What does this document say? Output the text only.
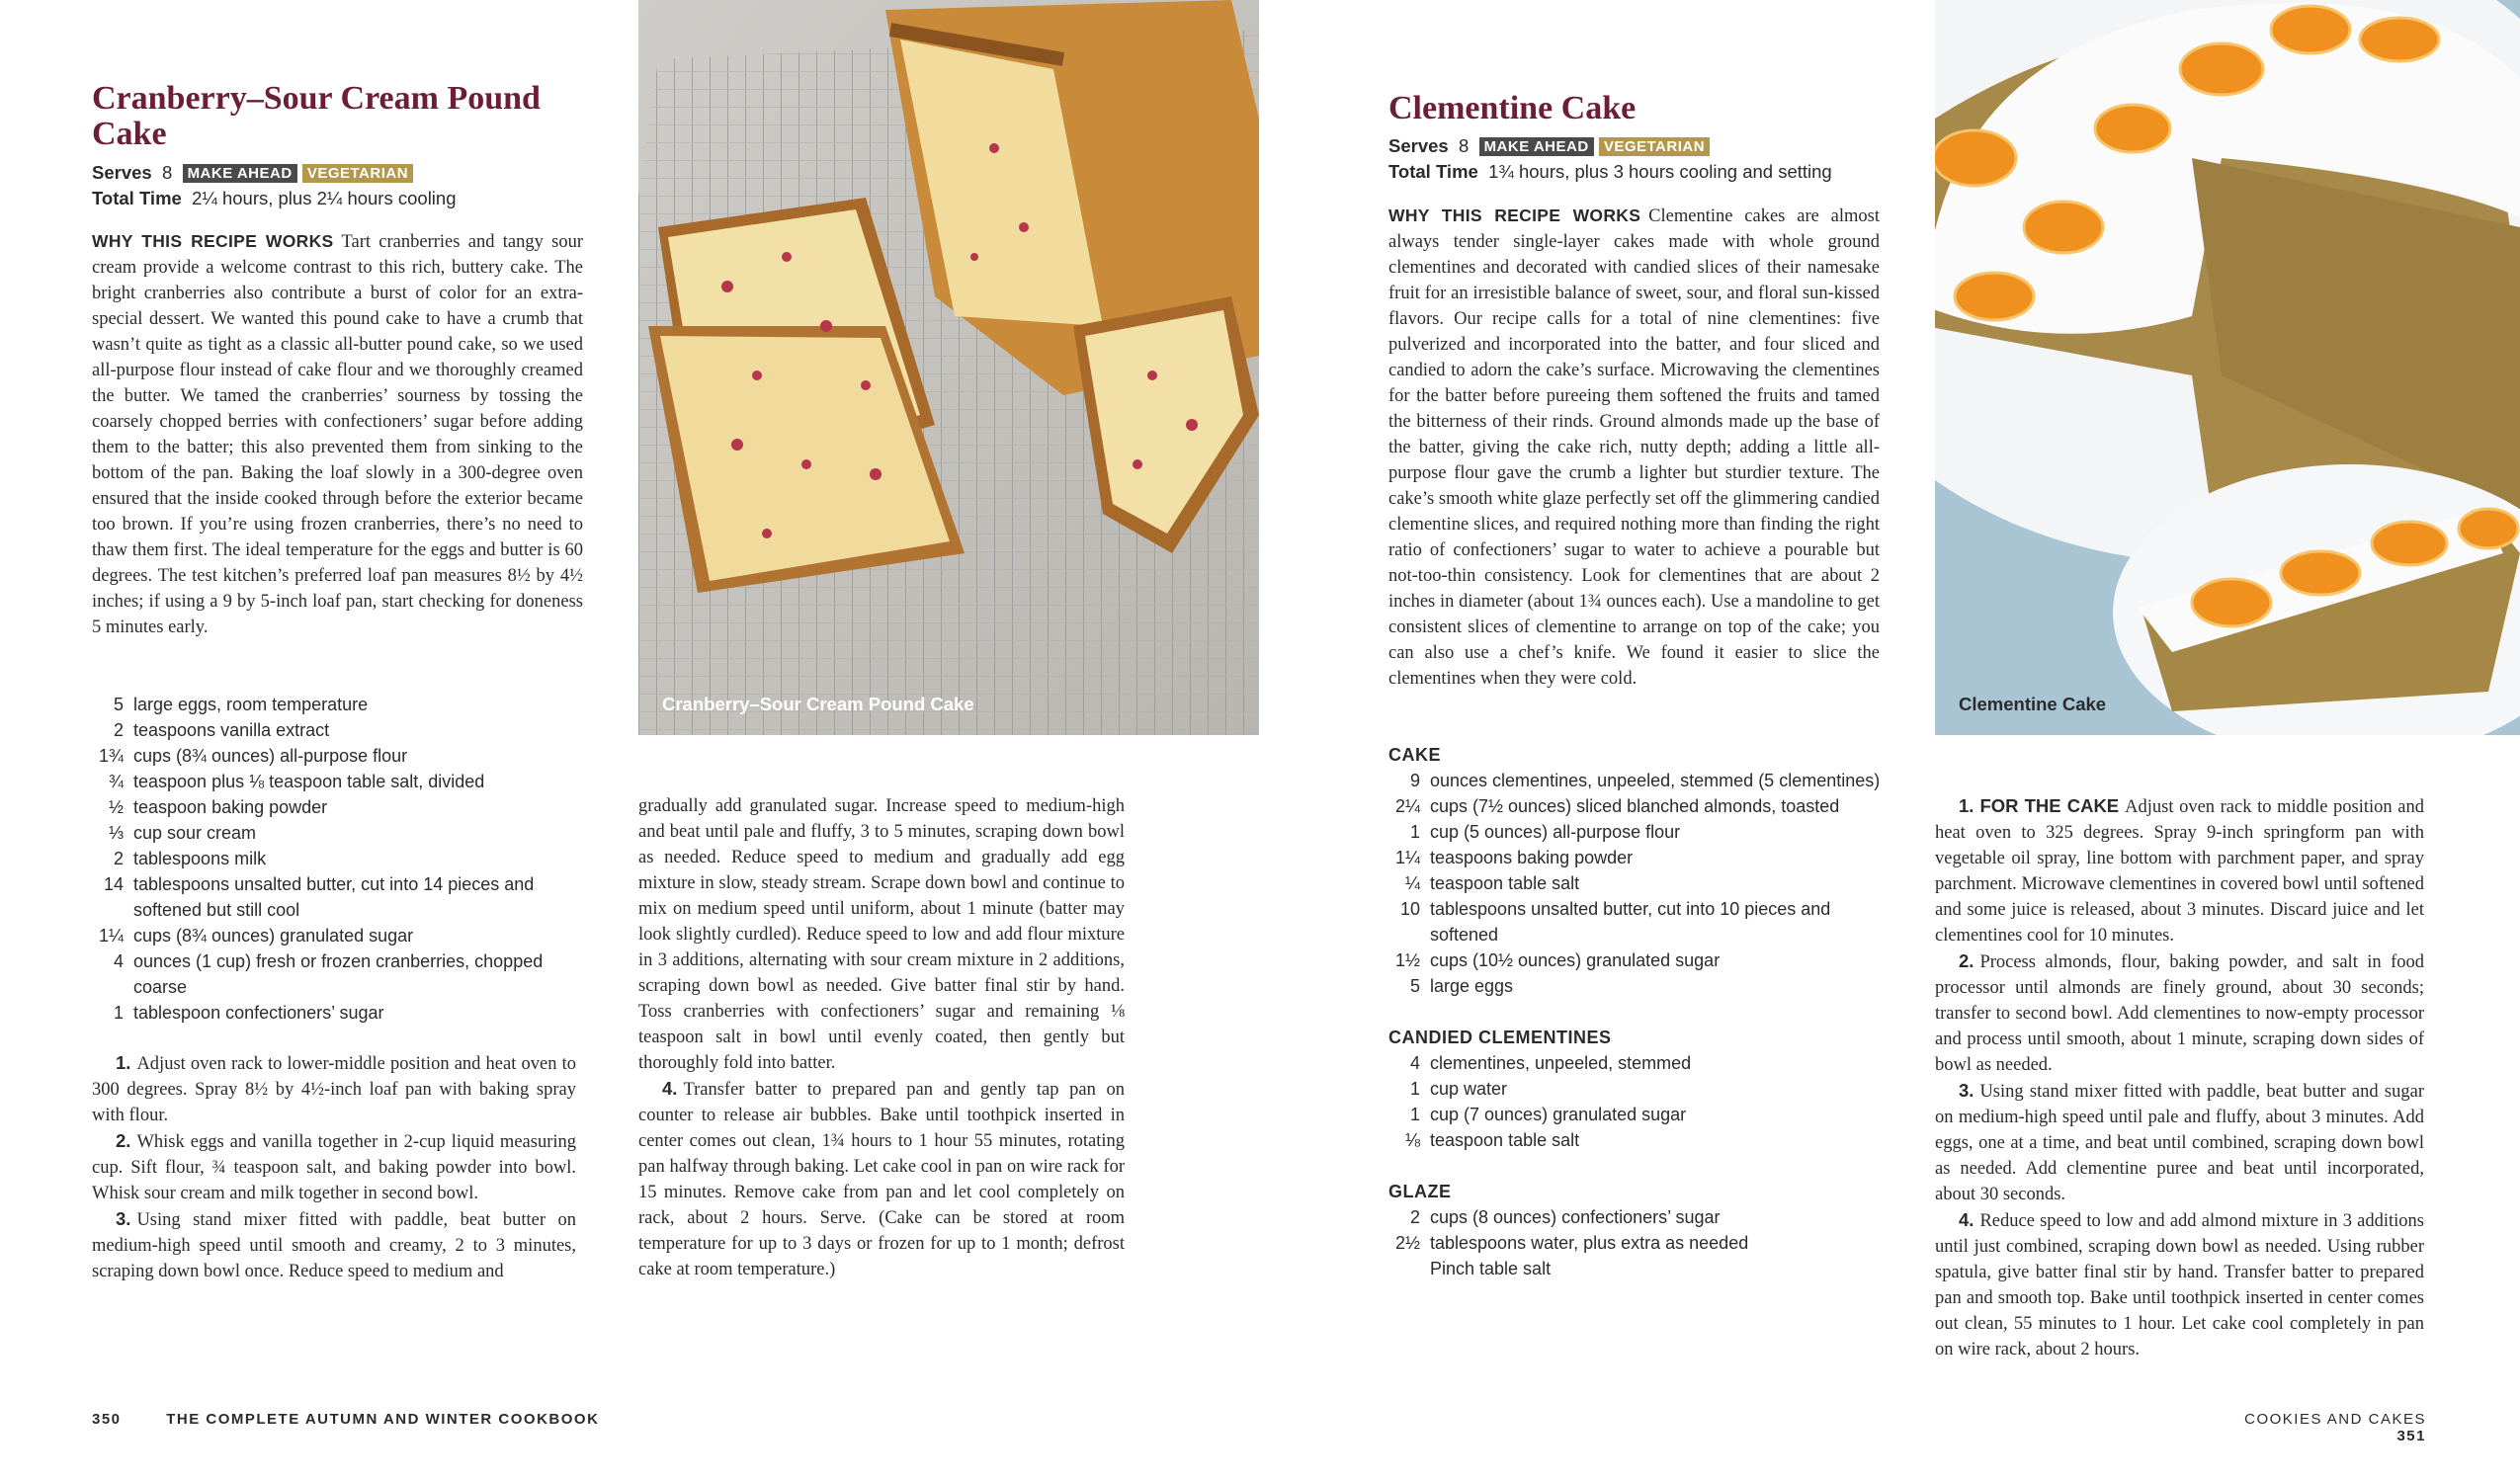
Cranberry–Sour Cream Pound Cake
Serves 8 MAKE AHEAD VEGETARIAN
Total Time 2¼ hours, plus 2¼ hours cooling

WHY THIS RECIPE WORKS Tart cranberries and tangy sour cream provide a welcome contrast to this rich, buttery cake. The bright cranberries also contribute a burst of color for an extra-special dessert. We wanted this pound cake to have a crumb that wasn’t quite as tight as a classic all-butter pound cake, so we used all-purpose flour instead of cake flour and we thoroughly creamed the butter. We tamed the cranberries’ sourness by tossing the coarsely chopped berries with confectioners’ sugar before adding them to the batter; this also prevented them from sinking to the bottom of the pan. Baking the loaf slowly in a 300-degree oven ensured that the inside cooked through before the exterior became too brown. If you’re using frozen cranberries, there’s no need to thaw them first. The ideal temperature for the eggs and butter is 60 degrees. The test kitchen’s preferred loaf pan measures 8½ by 4½ inches; if using a 9 by 5-inch loaf pan, start checking for doneness 5 minutes early.

5 large eggs, room temperature
2 teaspoons vanilla extract
1¾ cups (8¾ ounces) all-purpose flour
¾ teaspoon plus ⅛ teaspoon table salt, divided
½ teaspoon baking powder
⅓ cup sour cream
2 tablespoons milk
14 tablespoons unsalted butter, cut into 14 pieces and softened but still cool
1¼ cups (8¾ ounces) granulated sugar
4 ounces (1 cup) fresh or frozen cranberries, chopped coarse
1 tablespoon confectioners’ sugar

1. Adjust oven rack to lower-middle position and heat oven to 300 degrees. Spray 8½ by 4½-inch loaf pan with baking spray with flour.

2. Whisk eggs and vanilla together in 2-cup liquid measuring cup. Sift flour, ¾ teaspoon salt, and baking powder into bowl. Whisk sour cream and milk together in second bowl.

3. Using stand mixer fitted with paddle, beat butter on medium-high speed until smooth and creamy, 2 to 3 minutes, scraping down bowl once. Reduce speed to medium and

Cranberry–Sour Cream Pound Cake

gradually add granulated sugar. Increase speed to medium-high and beat until pale and fluffy, 3 to 5 minutes, scraping down bowl as needed. Reduce speed to medium and gradually add egg mixture in slow, steady stream. Scrape down bowl and continue to mix on medium speed until uniform, about 1 minute (batter may look slightly curdled). Reduce speed to low and add flour mixture in 3 additions, alternating with sour cream mixture in 2 additions, scraping down bowl as needed. Give batter final stir by hand. Toss cranberries with confectioners’ sugar and remaining ⅛ teaspoon salt in bowl until evenly coated, then gently but thoroughly fold into batter.

4. Transfer batter to prepared pan and gently tap pan on counter to release air bubbles. Bake until toothpick inserted in center comes out clean, 1¾ hours to 1 hour 55 minutes, rotating pan halfway through baking. Let cake cool in pan on wire rack for 15 minutes. Remove cake from pan and let cool completely on rack, about 2 hours. Serve. (Cake can be stored at room temperature for up to 3 days or frozen for up to 1 month; defrost cake at room temperature.)

350	THE COMPLETE AUTUMN AND WINTER COOKBOOK
Clementine Cake
Serves 8 MAKE AHEAD VEGETARIAN
Total Time 1¾ hours, plus 3 hours cooling and setting

WHY THIS RECIPE WORKS Clementine cakes are almost always tender single-layer cakes made with whole ground clementines and decorated with candied slices of their namesake fruit for an irresistible balance of sweet, sour, and floral sun-kissed flavors. Our recipe calls for a total of nine clementines: five pulverized and incorporated into the batter, and four sliced and candied to adorn the cake’s surface. Microwaving the clementines for the batter before pureeing them softened the fruits and tamed the bitterness of their rinds. Ground almonds made up the base of the batter, giving the cake rich, nutty depth; adding a little all-purpose flour gave the crumb a lighter but sturdier texture. The cake’s smooth white glaze perfectly set off the glimmering candied clementine slices, and required nothing more than finding the right ratio of confectioners’ sugar to water to achieve a pourable but not-too-thin consistency. Look for clementines that are about 2 inches in diameter (about 1¾ ounces each). Use a mandoline to get consistent slices of clementine to arrange on top of the cake; you can also use a chef’s knife. We found it easier to slice the clementines when they were cold.

CAKE
9 ounces clementines, unpeeled, stemmed (5 clementines)
2¼ cups (7½ ounces) sliced blanched almonds, toasted
1 cup (5 ounces) all-purpose flour
1¼ teaspoons baking powder
¼ teaspoon table salt
10 tablespoons unsalted butter, cut into 10 pieces and softened
1½ cups (10½ ounces) granulated sugar
5 large eggs
CANDIED CLEMENTINES
4 clementines, unpeeled, stemmed
1 cup water
1 cup (7 ounces) granulated sugar
⅛ teaspoon table salt
GLAZE
2 cups (8 ounces) confectioners’ sugar
2½ tablespoons water, plus extra as needed
Pinch table salt
Clementine Cake

1. FOR THE CAKE Adjust oven rack to middle position and heat oven to 325 degrees. Spray 9-inch springform pan with vegetable oil spray, line bottom with parchment paper, and spray parchment. Microwave clementines in covered bowl until softened and some juice is released, about 3 minutes. Discard juice and let clementines cool for 10 minutes.

2. Process almonds, flour, baking powder, and salt in food processor until almonds are finely ground, about 30 seconds; transfer to second bowl. Add clementines to now-empty processor and process until smooth, about 1 minute, scraping down sides of bowl as needed.

3. Using stand mixer fitted with paddle, beat butter and sugar on medium-high speed until pale and fluffy, about 3 minutes. Add eggs, one at a time, and beat until combined, scraping down bowl as needed. Add clementine puree and beat until incorporated, about 30 seconds.

4. Reduce speed to low and add almond mixture in 3 additions until just combined, scraping down bowl as needed. Using rubber spatula, give batter final stir by hand. Transfer batter to prepared pan and smooth top. Bake until toothpick inserted in center comes out clean, 55 minutes to 1 hour. Let cake cool completely in pan on wire rack, about 2 hours.

COOKIES AND CAKES 351
